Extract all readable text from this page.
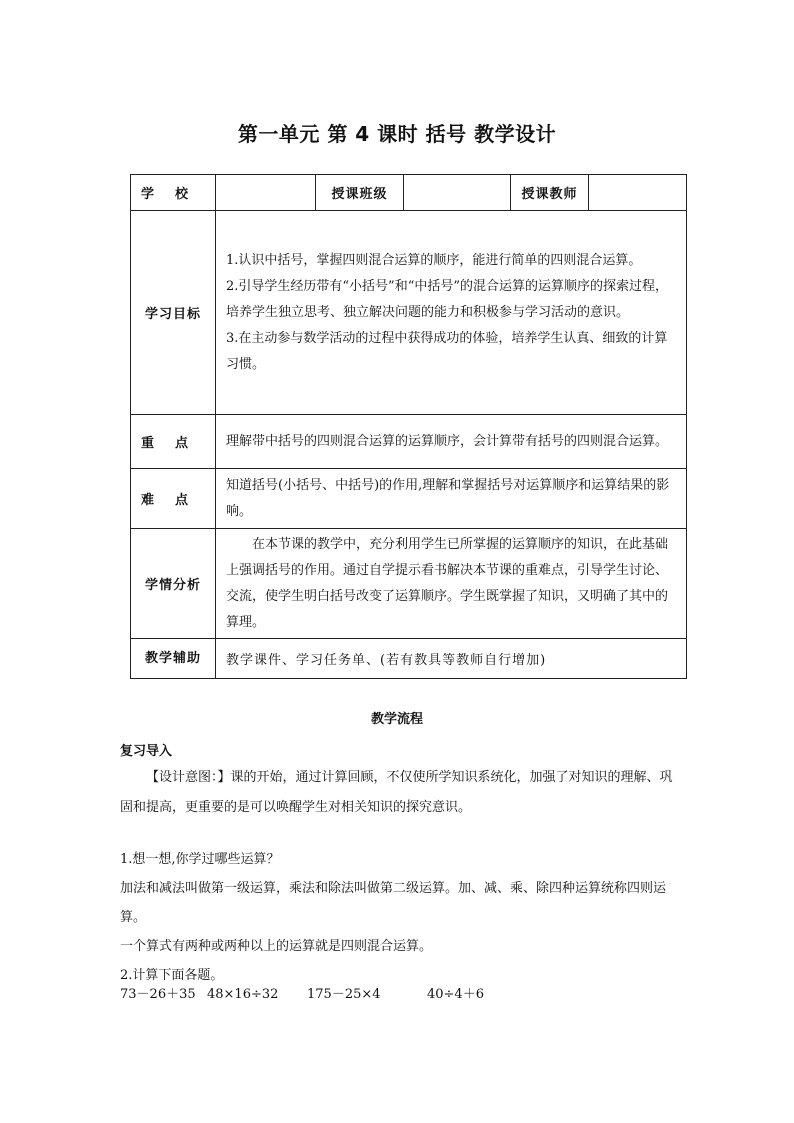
第一单元 第 4 课时 括号 教学设计
学 校		授课班级		授课教师	

学习目标	1.认识中括号，掌握四则混合运算的顺序，能进行简单的四则混合运算。

2.引导学生经历带有“小括号”和“中括号”的混合运算的运算顺序的探索过程，培养学生独立思考、独立解决问题的能力和积极参与学习活动的意识。

3.在主动参与数学活动的过程中获得成功的体验，培养学生认真、细致的计算习惯。				

重 点	理解带中括号的四则混合运算的运算顺序，会计算带有括号的四则混合运算。				

难 点	知道括号(小括号、中括号)的作用,理解和掌握括号对运算顺序和运算结果的影响。				

学情分析	在本节课的教学中，充分利用学生已所掌握的运算顺序的知识，在此基础上强调括号的作用。通过自学提示看书解决本节课的重难点，引导学生讨论、交流，使学生明白括号改变了运算顺序。学生既掌握了知识，又明确了其中的算理。				

教学辅助	教学课件、学习任务单、(若有教具等教师自行增加)				
教学流程
复习导入
【设计意图：】课的开始，通过计算回顾，不仅使所学知识系统化，加强了对知识的理解、巩固和提高，更重要的是可以唤醒学生对相关知识的探究意识。
1.想一想,你学过哪些运算？
加法和减法叫做第一级运算，乘法和除法叫做第二级运算。加、减、乘、除四种运算统称四则运算。
一个算式有两种或两种以上的运算就是四则混合运算。
2.计算下面各题。
73－26＋35 48×16÷32 175－25×4	40÷4＋6
